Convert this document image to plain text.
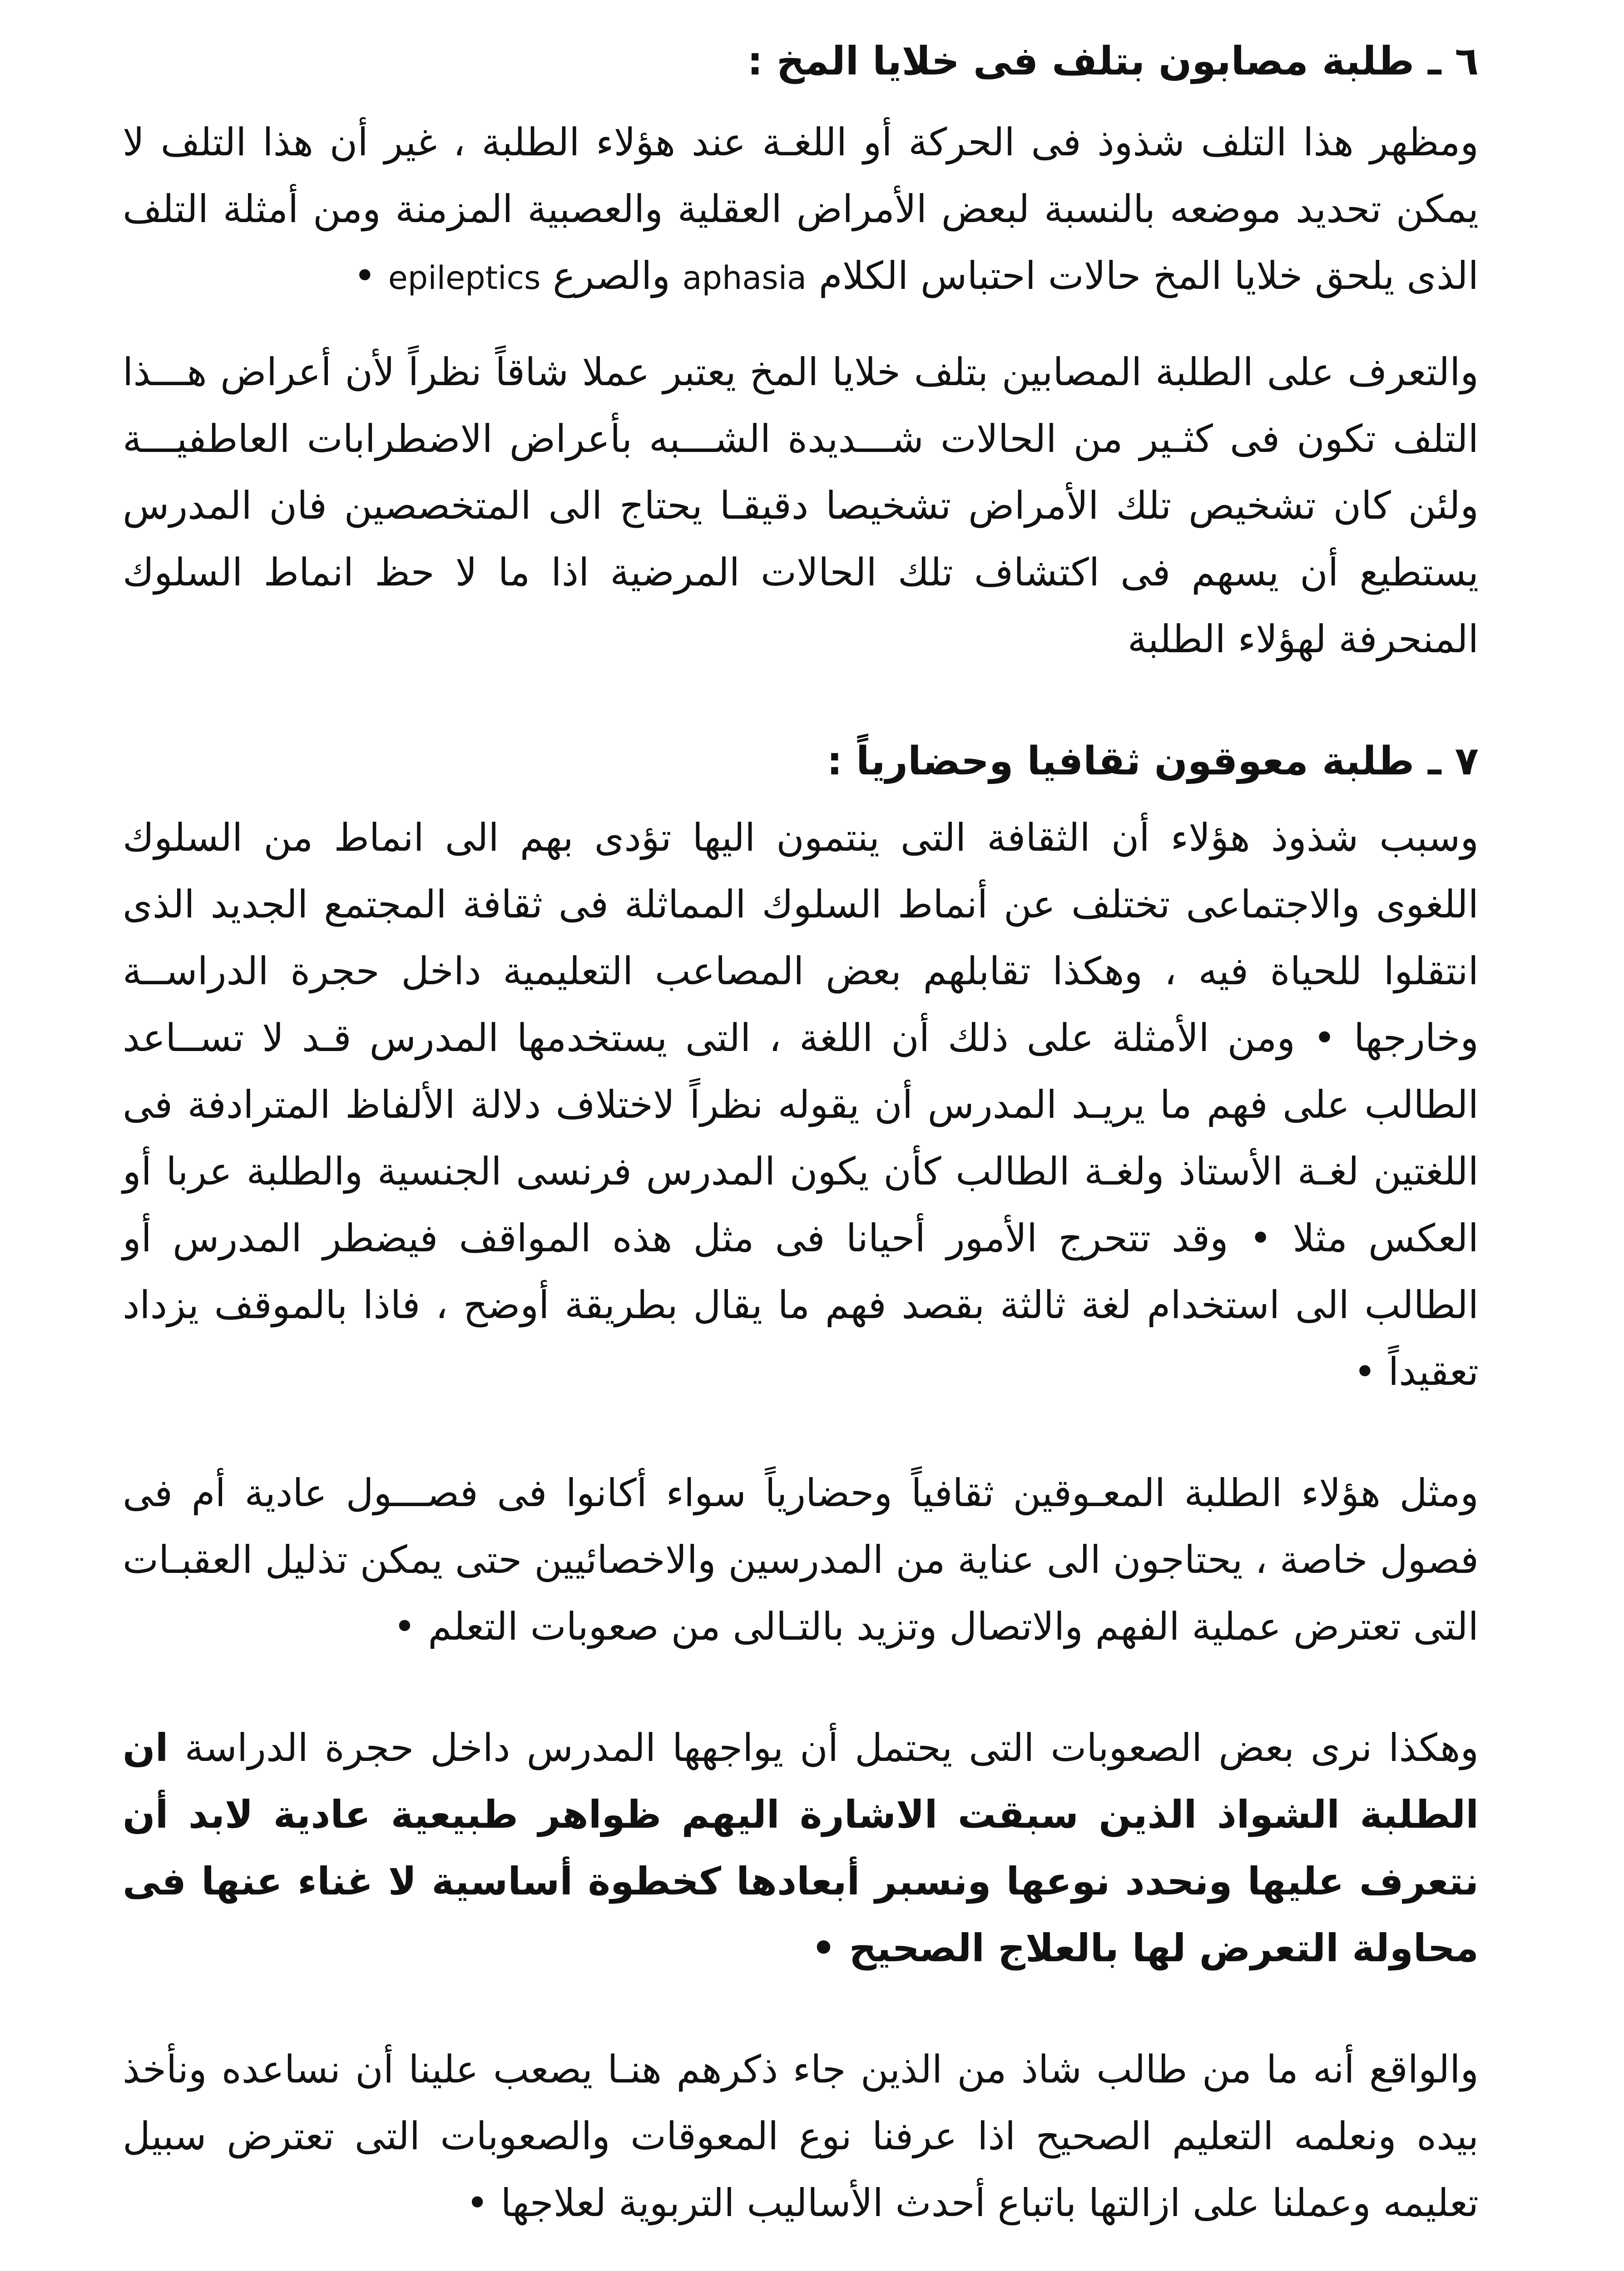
٦ ـ طلبة مصابون بتلف فى خلايا المخ :

ومظهر هذا التلف شذوذ فى الحركة أو اللغـة عند هؤلاء الطلبة ، غير أن هذا التلف لا يمكن تحديد موضعه بالنسبة لبعض الأمراض العقلية والعصبية المزمنة ومن أمثلة التلف الذى يلحق خلايا المخ حالات احتباس الكلام aphasia والصرع epileptics •

والتعرف على الطلبة المصابين بتلف خلايا المخ يعتبر عملا شاقاً نظراً لأن أعراض هـــذا التلف تكون فى كثـير من الحالات شـــديدة الشـــبه بأعراض الاضطرابات العاطفيـــة ولئن كان تشخيص تلك الأمراض تشخيصا دقيقـا يحتاج الى المتخصصين فان المدرس يستطيع أن يسهم فى اكتشاف تلك الحالات المرضية اذا ما لا حظ انماط السلوك المنحرفة لهؤلاء الطلبة

٧ ـ طلبة معوقون ثقافيا وحضارياً :

وسبب شذوذ هؤلاء أن الثقافة التى ينتمون اليها تؤدى بهم الى انماط من السلوك اللغوى والاجتماعى تختلف عن أنماط السلوك المماثلة فى ثقافة المجتمع الجديد الذى انتقلوا للحياة فيه ، وهكذا تقابلهم بعض المصاعب التعليمية داخل حجرة الدراســة وخارجها • ومن الأمثلة على ذلك أن اللغة ، التى يستخدمها المدرس قـد لا تســاعد الطالب على فهم ما يريـد المدرس أن يقوله نظراً لاختلاف دلالة الألفاظ المترادفة فى اللغتين لغـة الأستاذ ولغـة الطالب كأن يكون المدرس فرنسى الجنسية والطلبة عربا أو العكس مثلا • وقد تتحرج الأمور أحيانا فى مثل هذه المواقف فيضطر المدرس أو الطالب الى استخدام لغة ثالثة بقصد فهم ما يقال بطريقة أوضح ، فاذا بالموقف يزداد تعقيداً •

ومثل هؤلاء الطلبة المعـوقين ثقافياً وحضارياً سواء أكانوا فى فصـــول عادية أم فى فصول خاصة ، يحتاجون الى عناية من المدرسين والاخصائيين حتى يمكن تذليل العقبـات التى تعترض عملية الفهم والاتصال وتزيد بالتـالى من صعوبات التعلم •

وهكذا نرى بعض الصعوبات التى يحتمل أن يواجهها المدرس داخل حجرة الدراسة ان الطلبة الشواذ الذين سبقت الاشارة اليهم ظواهر طبيعية عادية لابد أن نتعرف عليها ونحدد نوعها ونسبر أبعادها كخطوة أساسية لا غناء عنها فى محاولة التعرض لها بالعلاج الصحيح •

والواقع أنه ما من طالب شاذ من الذين جاء ذكرهم هنـا يصعب علينا أن نساعده ونأخذ بيده ونعلمه التعليم الصحيح اذا عرفنا نوع المعوقات والصعوبات التى تعترض سبيل تعليمه وعملنا على ازالتها باتباع أحدث الأساليب التربوية لعلاجها •
